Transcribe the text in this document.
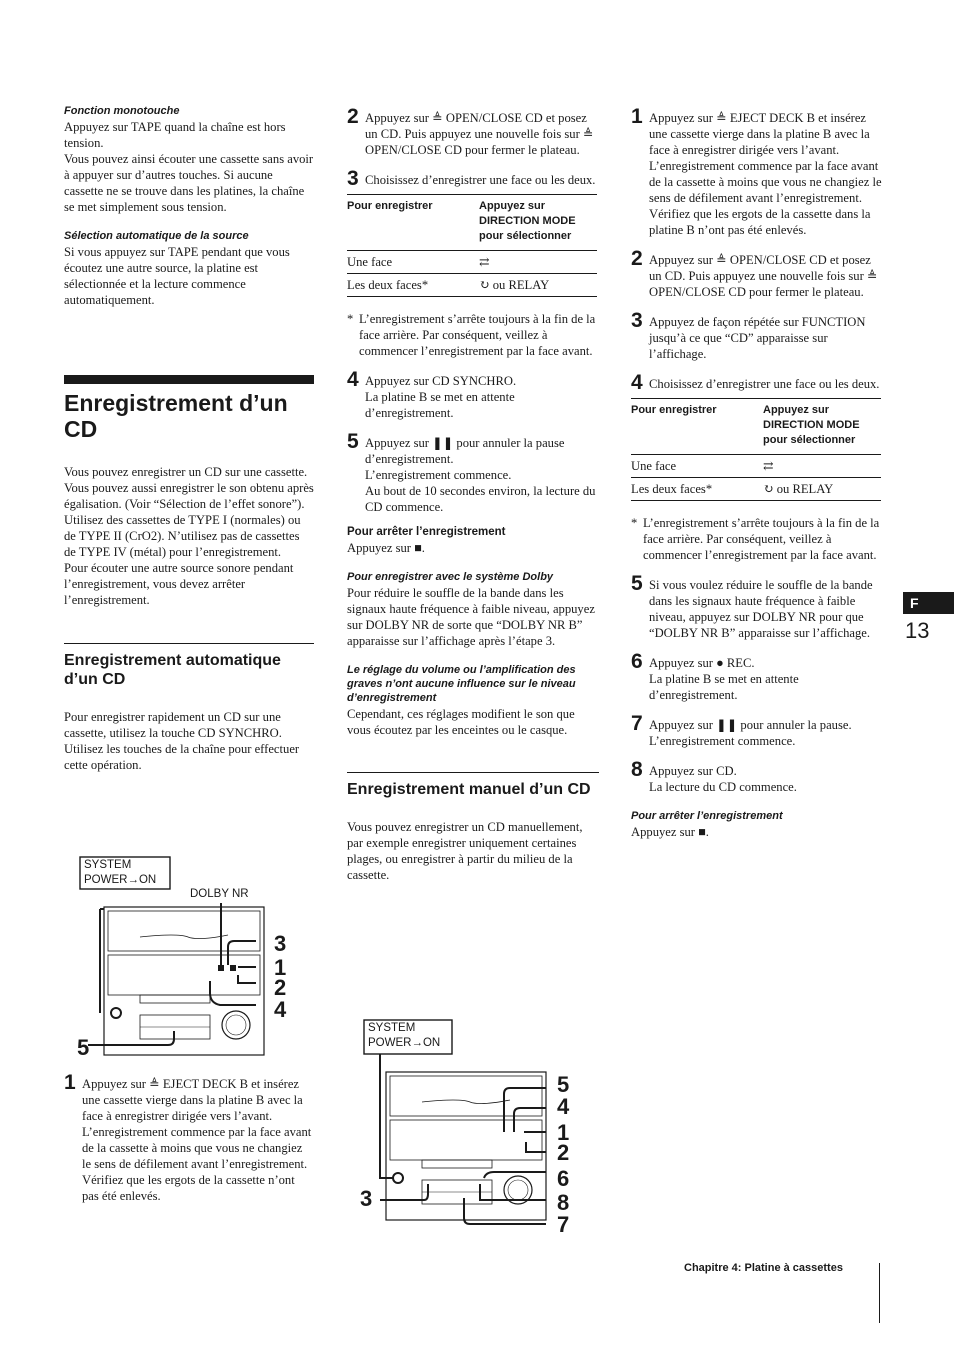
Fonction monotouche

Appuyez sur TAPE quand la chaîne est hors tension.

Vous pouvez ainsi écouter une cassette sans avoir à appuyer sur d’autres touches. Si aucune cassette ne se trouve dans les platines, la chaîne se met simplement sous tension.

Sélection automatique de la source

Si vous appuyez sur TAPE pendant que vous écoutez une autre source, la platine est sélectionnée et la lecture commence automatiquement.

Enregistrement d’un CD

Vous pouvez enregistrer un CD sur une cassette. Vous pouvez aussi enregistrer le son obtenu après égalisation. (Voir “Sélection de l’effet sonore”).

Utilisez des cassettes de TYPE I (normales) ou de TYPE II (CrO2). N’utilisez pas de cassettes de TYPE IV (métal) pour l’enregistrement.

Pour écouter une autre source sonore pendant l’enregistrement, vous devez arrêter l’enregistrement.

Enregistrement automatique d’un CD

Pour enregistrer rapidement un CD sur une cassette, utilisez la touche CD SYNCHRO. Utilisez les touches de la chaîne pour effectuer cette opération.

SYSTEM
POWER→ON
DOLBY NR
3
1
2
4
5
1 Appuyez sur ≜ EJECT DECK B et insérez une cassette vierge dans la platine B avec la face à enregistrer dirigée vers l’avant.

L’enregistrement commence par la face avant de la cassette à moins que vous ne changiez le sens de défilement avant l’enregistrement.

Vérifiez que les ergots de la cassette n’ont pas été enlevés.

2 Appuyez sur ≜ OPEN/CLOSE CD et posez un CD. Puis appuyez une nouvelle fois sur ≜ OPEN/CLOSE CD pour fermer le plateau.

3 Choisissez d’enregistrer une face ou les deux.

Pour enregistrer	Appuyez sur DIRECTION MODE pour sélectionner
Une face	⇄
Les deux faces*	↻ ou RELAY
* L’enregistrement s’arrête toujours à la fin de la face arrière. Par conséquent, veillez à commencer l’enregistrement par la face avant.

4 Appuyez sur CD SYNCHRO.

La platine B se met en attente d’enregistrement.

5 Appuyez sur ❚❚ pour annuler la pause d’enregistrement.

L’enregistrement commence.

Au bout de 10 secondes environ, la lecture du CD commence.

Pour arrêter l’enregistrement

Appuyez sur ■.

Pour enregistrer avec le système Dolby

Pour réduire le souffle de la bande dans les signaux haute fréquence à faible niveau, appuyez sur DOLBY NR de sorte que “DOLBY NR B” apparaisse sur l’affichage après l’étape 3.

Le réglage du volume ou l’amplification des graves n’ont aucune influence sur le niveau d’enregistrement

Cependant, ces réglages modifient le son que vous écoutez par les enceintes ou le casque.

Enregistrement manuel d’un CD

Vous pouvez enregistrer un CD manuellement, par exemple enregistrer uniquement certaines plages, ou enregistrer à partir du milieu de la cassette.

SYSTEM
POWER→ON
5
4
1
2
6
8
7
3
1 Appuyez sur ≜ EJECT DECK B et insérez une cassette vierge dans la platine B avec la face à enregistrer dirigée vers l’avant.

L’enregistrement commence par la face avant de la cassette à moins que vous ne changiez le sens de défilement avant l’enregistrement.

Vérifiez que les ergots de la cassette dans la platine B n’ont pas été enlevés.

2 Appuyez sur ≜ OPEN/CLOSE CD et posez un CD. Puis appuyez une nouvelle fois sur ≜ OPEN/CLOSE CD pour fermer le plateau.

3 Appuyez de façon répétée sur FUNCTION jusqu’à ce que “CD” apparaisse sur l’affichage.

4 Choisissez d’enregistrer une face ou les deux.

Pour enregistrer	Appuyez sur DIRECTION MODE pour sélectionner
Une face	⇄
Les deux faces*	↻ ou RELAY
* L’enregistrement s’arrête toujours à la fin de la face arrière. Par conséquent, veillez à commencer l’enregistrement par la face avant.

5 Si vous voulez réduire le souffle de la bande dans les signaux haute fréquence à faible niveau, appuyez sur DOLBY NR pour que “DOLBY NR B” apparaisse sur l’affichage.

6 Appuyez sur ● REC.

La platine B se met en attente d’enregistrement.

7 Appuyez sur ❚❚ pour annuler la pause.

L’enregistrement commence.

8 Appuyez sur CD.

La lecture du CD commence.

Pour arrêter l’enregistrement

Appuyez sur ■.

F
13
Chapitre 4: Platine à cassettes
